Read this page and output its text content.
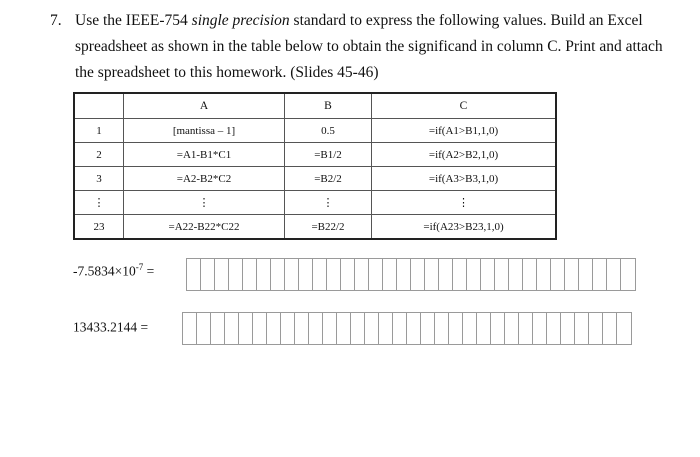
7. Use the IEEE-754 single precision standard to express the following values. Build an Excel spreadsheet as shown in the table below to obtain the significand in column C. Print and attach the spreadsheet to this homework. (Slides 45-46)
	A	B	C
1	[mantissa – 1]	0.5	=if(A1>B1,1,0)
2	=A1-B1*C1	=B1/2	=if(A2>B2,1,0)
3	=A2-B2*C2	=B2/2	=if(A3>B3,1,0)
⋮	⋮	⋮	⋮
23	=A22-B22*C22	=B22/2	=if(A23>B23,1,0)
$-7.5834\times 10^{-7}$ =
13433.2144 =
